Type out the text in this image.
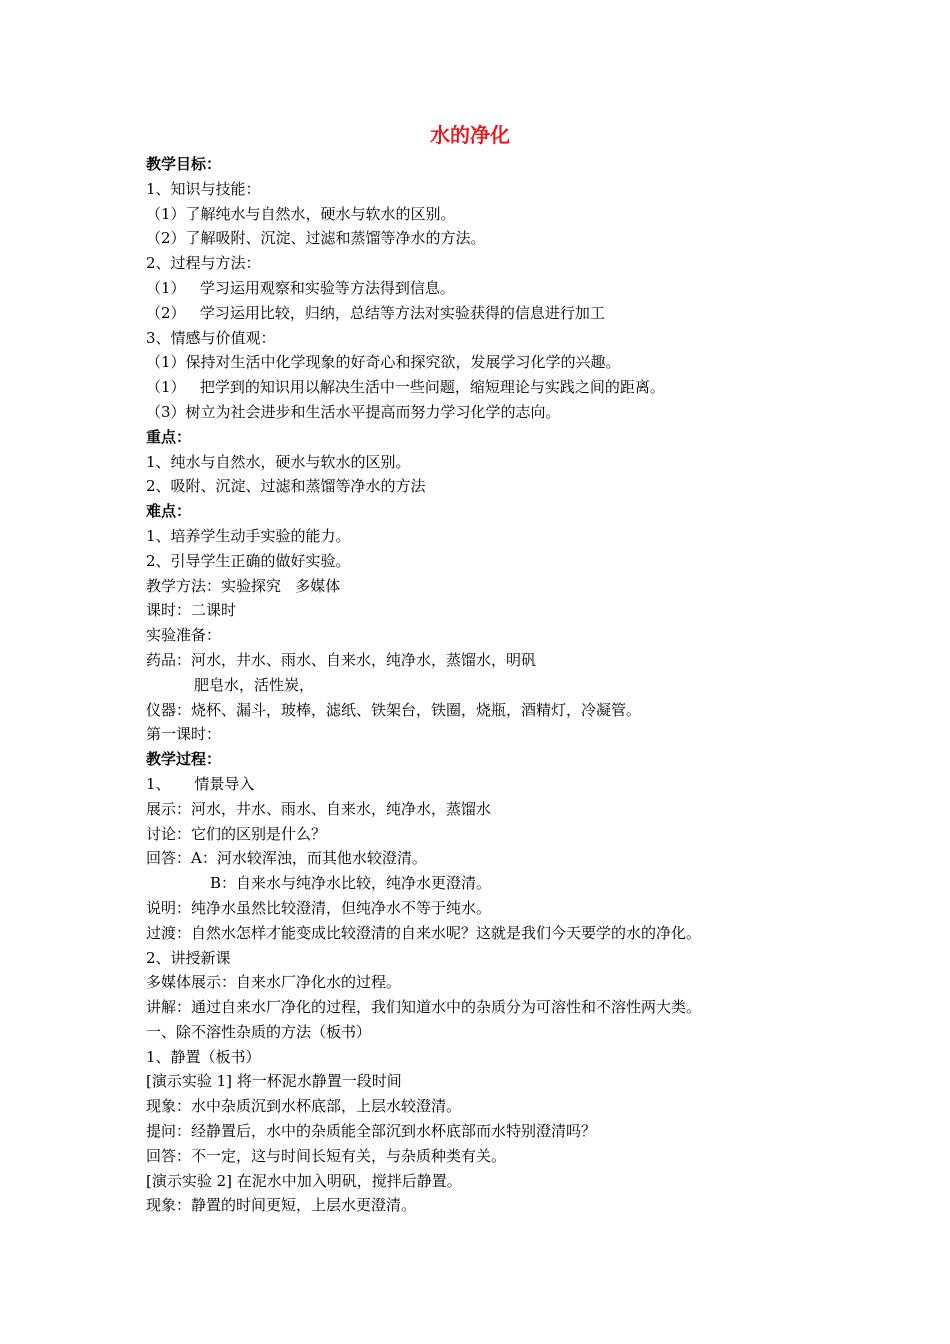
水的净化
教学目标：
1、知识与技能：
（1）了解纯水与自然水，硬水与软水的区别。
（2）了解吸附、沉淀、过滤和蒸馏等净水的方法。
2、过程与方法：
（1）   学习运用观察和实验等方法得到信息。
（2）   学习运用比较，归纳，总结等方法对实验获得的信息进行加工
3、情感与价值观：
（1）保持对生活中化学现象的好奇心和探究欲，发展学习化学的兴趣。
（1）   把学到的知识用以解决生活中一些问题，缩短理论与实践之间的距离。
（3）树立为社会进步和生活水平提高而努力学习化学的志向。
重点：
1、纯水与自然水，硬水与软水的区别。
2、吸附、沉淀、过滤和蒸馏等净水的方法
难点：
1、培养学生动手实验的能力。
2、引导学生正确的做好实验。
教学方法：实验探究   多媒体
课时：二课时
实验准备：
药品：河水，井水、雨水、自来水，纯净水，蒸馏水，明矾
肥皂水，活性炭，
仪器：烧杯、漏斗，玻棒，滤纸、铁架台，铁圈，烧瓶，酒精灯，冷凝管。
第一课时：
教学过程：
1、     情景导入
展示：河水，井水、雨水、自来水，纯净水，蒸馏水
讨论：它们的区别是什么？
回答：A：河水较浑浊，而其他水较澄清。
B：自来水与纯净水比较，纯净水更澄清。
说明：纯净水虽然比较澄清，但纯净水不等于纯水。
过渡：自然水怎样才能变成比较澄清的自来水呢？这就是我们今天要学的水的净化。
2、讲授新课
多媒体展示：自来水厂净化水的过程。
讲解：通过自来水厂净化的过程，我们知道水中的杂质分为可溶性和不溶性两大类。
一、除不溶性杂质的方法（板书）
1、静置（板书）
[演示实验 1] 将一杯泥水静置一段时间
现象：水中杂质沉到水杯底部，上层水较澄清。
提问：经静置后，水中的杂质能全部沉到水杯底部而水特别澄清吗？
回答：不一定，这与时间长短有关，与杂质种类有关。
[演示实验 2] 在泥水中加入明矾，搅拌后静置。
现象：静置的时间更短，上层水更澄清。
